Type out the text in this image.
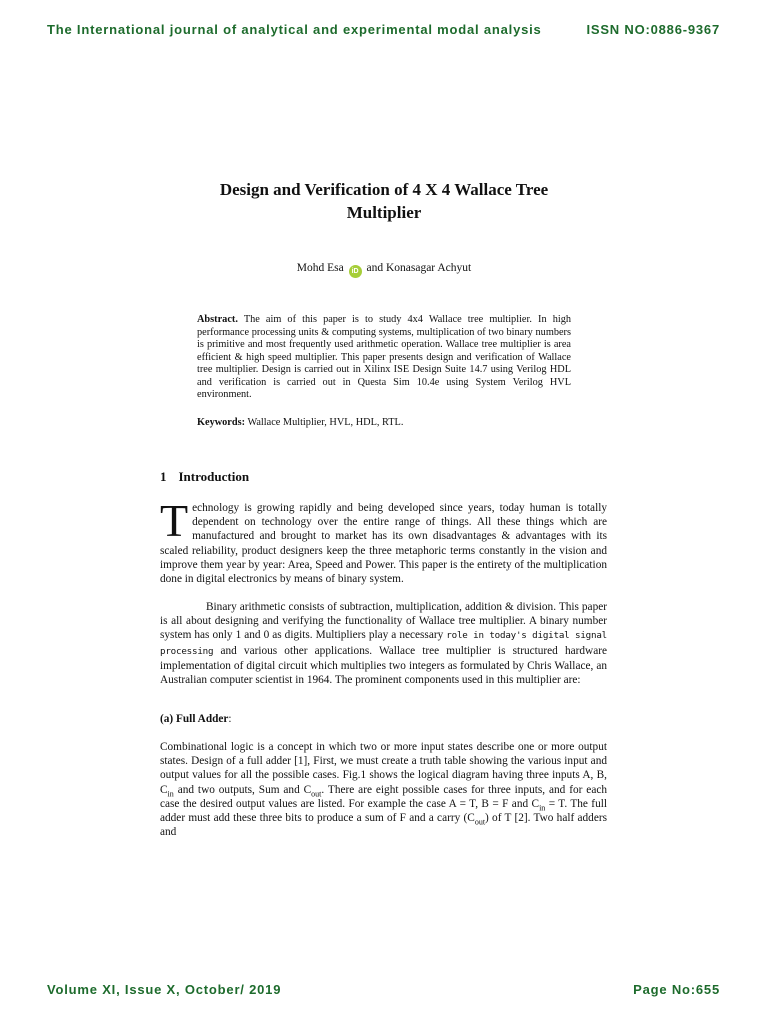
The International journal of analytical and experimental modal analysis	ISSN NO:0886-9367
Design and Verification of 4 X 4 Wallace Tree
Multiplier
Mohd Esa iD and Konasagar Achyut
Abstract. The aim of this paper is to study 4x4 Wallace tree multiplier. In high performance processing units & computing systems, multiplication of two binary numbers is primitive and most frequently used arithmetic operation. Wallace tree multiplier is area efficient & high speed multiplier. This paper presents design and verification of Wallace tree multiplier. Design is carried out in Xilinx ISE Design Suite 14.7 using Verilog HDL and verification is carried out in Questa Sim 10.4e using System Verilog HVL environment.
Keywords: Wallace Multiplier, HVL, HDL, RTL.
1 Introduction
Technology is growing rapidly and being developed since years, today human is totally dependent on technology over the entire range of things. All these things which are manufactured and brought to market has its own disadvantages & advantages with its scaled reliability, product designers keep the three metaphoric terms constantly in the vision and improve them year by year: Area, Speed and Power. This paper is the entirety of the multiplication done in digital electronics by means of binary system.
Binary arithmetic consists of subtraction, multiplication, addition & division. This paper is all about designing and verifying the functionality of Wallace tree multiplier. A binary number system has only 1 and 0 as digits. Multipliers play a necessary role in today's digital signal processing and various other applications. Wallace tree multiplier is structured hardware implementation of digital circuit which multiplies two integers as formulated by Chris Wallace, an Australian computer scientist in 1964. The prominent components used in this multiplier are:
(a) Full Adder:
Combinational logic is a concept in which two or more input states describe one or more output states. Design of a full adder [1], First, we must create a truth table showing the various input and output values for all the possible cases. Fig.1 shows the logical diagram having three inputs A, B, $C_{in}$ and two outputs, Sum and $C_{out}$. There are eight possible cases for three inputs, and for each case the desired output values are listed. For example the case A = T, B = F and $C_{in} = T$. The full adder must add these three bits to produce a sum of F and a carry $(C_{out})$ of T [2]. Two half adders and
Volume XI, Issue X, October/ 2019	Page No:655
